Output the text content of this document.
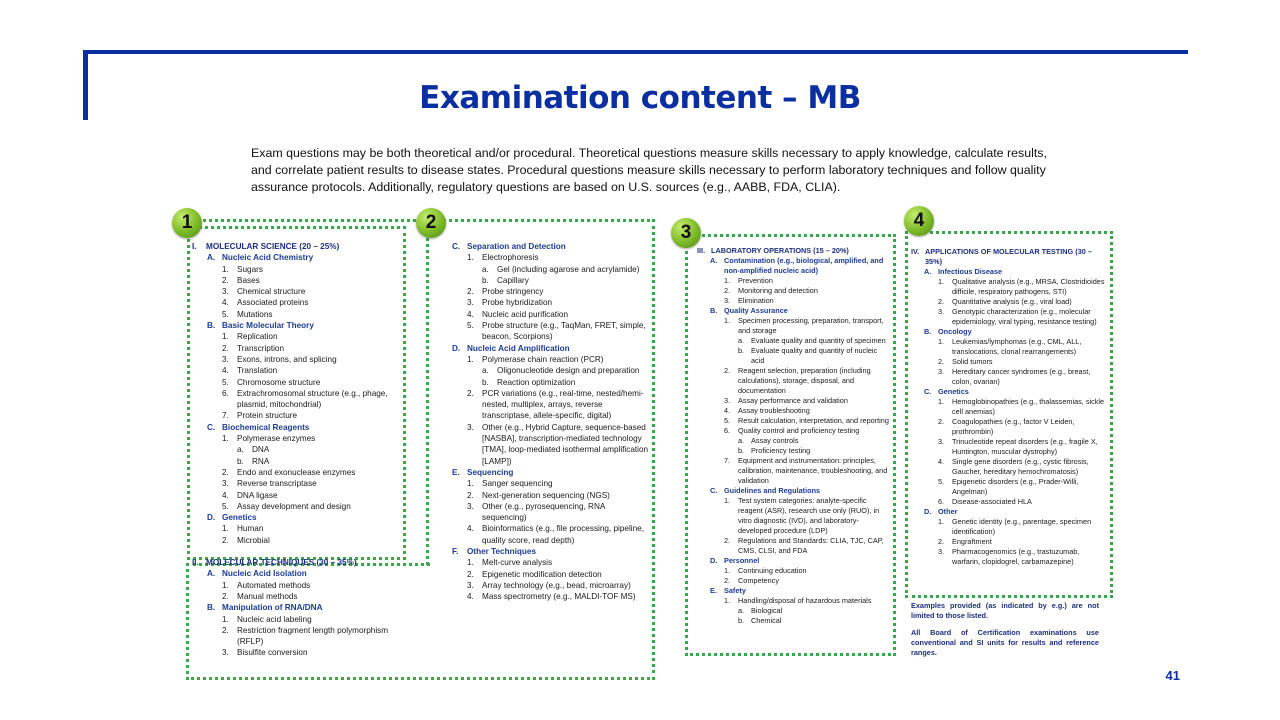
Examination content – MB
Exam questions may be both theoretical and/or procedural. Theoretical questions measure skills necessary to apply knowledge, calculate results, and correlate patient results to disease states. Procedural questions measure skills necessary to perform laboratory techniques and follow quality assurance protocols. Additionally, regulatory questions are based on U.S. sources (e.g., AABB, FDA, CLIA).
1	2	3
4
I.	MOLECULAR SCIENCE (20 – 25%)
A. Nucleic Acid Chemistry
1. Sugars
2. Bases
3. Chemical structure
4. Associated proteins
5. Mutations
B. Basic Molecular Theory
1. Replication
2. Transcription
3. Exons, introns, and splicing
4. Translation
5. Chromosome structure
6. Extrachromosomal structure (e.g., phage, plasmid, mitochondrial)
7. Protein structure
C. Biochemical Reagents
1. Polymerase enzymes
a. DNA
b. RNA
2. Endo and exonuclease enzymes
3. Reverse transcriptase
4. DNA ligase
5. Assay development and design
D. Genetics
1. Human
2. Microbial
II. MOLECULAR TECHNIQUES (30 – 35%)
A. Nucleic Acid Isolation
1. Automated methods
2. Manual methods
B. Manipulation of RNA/DNA
1. Nucleic acid labeling
2. Restriction fragment length polymorphism (RFLP)
3. Bisulfite conversion
C. Separation and Detection
1. Electrophoresis
a. Gel (including agarose and acrylamide)
b. Capillary
2. Probe stringency
3. Probe hybridization
4. Nucleic acid purification
5. Probe structure (e.g., TaqMan, FRET, simple, beacon, Scorpions)
D. Nucleic Acid Amplification
1. Polymerase chain reaction (PCR)
a. Oligonucleotide design and preparation
b. Reaction optimization
2. PCR variations (e.g., real-time, nested/hemi-nested, multiplex, arrays, reverse transcriptase, allele-specific, digital)
3. Other (e.g., Hybrid Capture, sequence-based [NASBA], transcription-mediated technology [TMA], loop-mediated isothermal amplification [LAMP])
E. Sequencing
1. Sanger sequencing
2. Next-generation sequencing (NGS)
3. Other (e.g., pyrosequencing, RNA sequencing)
4. Bioinformatics (e.g., file processing, pipeline, quality score, read depth)
F.	Other Techniques
1. Melt-curve analysis
2. Epigenetic modification detection
3. Array technology (e.g., bead, microarray)
4. Mass spectrometry (e.g., MALDI-TOF MS)
III. LABORATORY OPERATIONS (15 – 20%)
A. Contamination (e.g., biological, amplified, and non-amplified nucleic acid)
1.	Prevention
2.	Monitoring and detection
3.	Elimination
B. Quality Assurance
1.	Specimen processing, preparation, transport, and storage
a. Evaluate quality and quantity of specimen
b. Evaluate quality and quantity of nucleic acid
2.	Reagent selection, preparation (including calculations), storage, disposal, and documentation
3.	Assay performance and validation
4.	Assay troubleshooting
5.	Result calculation, interpretation, and reporting
6.	Quality control and proficiency testing
a. Assay controls
b. Proficiency testing
7.	Equipment and instrumentation: principles, calibration, maintenance, troubleshooting, and validation
C. Guidelines and Regulations
1.	Test system categories: analyte-specific reagent (ASR), research use only (RUO), in vitro diagnostic (IVD), and laboratory-developed procedure (LDP)
2.	Regulations and Standards: CLIA, TJC, CAP, CMS, CLSI, and FDA
D. Personnel
1.	Continuing education
2.	Competency
E. Safety
1.	Handling/disposal of hazardous materials
a. Biological
b. Chemical
IV. APPLICATIONS OF MOLECULAR TESTING (30 – 35%)
A. Infectious Disease
1.	Qualitative analysis (e.g., MRSA, Clostridioides difficile, respiratory pathogens, STI)
2.	Quantitative analysis (e.g., viral load)
3.	Genotypic characterization (e.g., molecular epidemiology, viral typing, resistance testing)
B. Oncology
1.	Leukemias/lymphomas (e.g., CML, ALL, translocations, clonal rearrangements)
2.	Solid tumors
3.	Hereditary cancer syndromes (e.g., breast, colon, ovarian)
C. Genetics
1.	Hemoglobinopathies (e.g., thalassemias, sickle cell anemias)
2.	Coagulopathies (e.g., factor V Leiden, prothrombin)
3.	Trinucleotide repeat disorders (e.g., fragile X, Huntington, muscular dystrophy)
4.	Single gene disorders (e.g., cystic fibrosis, Gaucher, hereditary hemochromatosis)
5.	Epigenetic disorders (e.g., Prader-Willi, Angelman)
6.	Disease-associated HLA
D. Other
1.	Genetic identity (e.g., parentage, specimen identification)
2.	Engraftment
3.	Pharmacogenomics (e.g., trastuzumab, warfarin, clopidogrel, carbamazepine)
Examples provided (as indicated by e.g.) are not limited to those listed.
All Board of Certification examinations use conventional and SI units for results and reference ranges.
41
